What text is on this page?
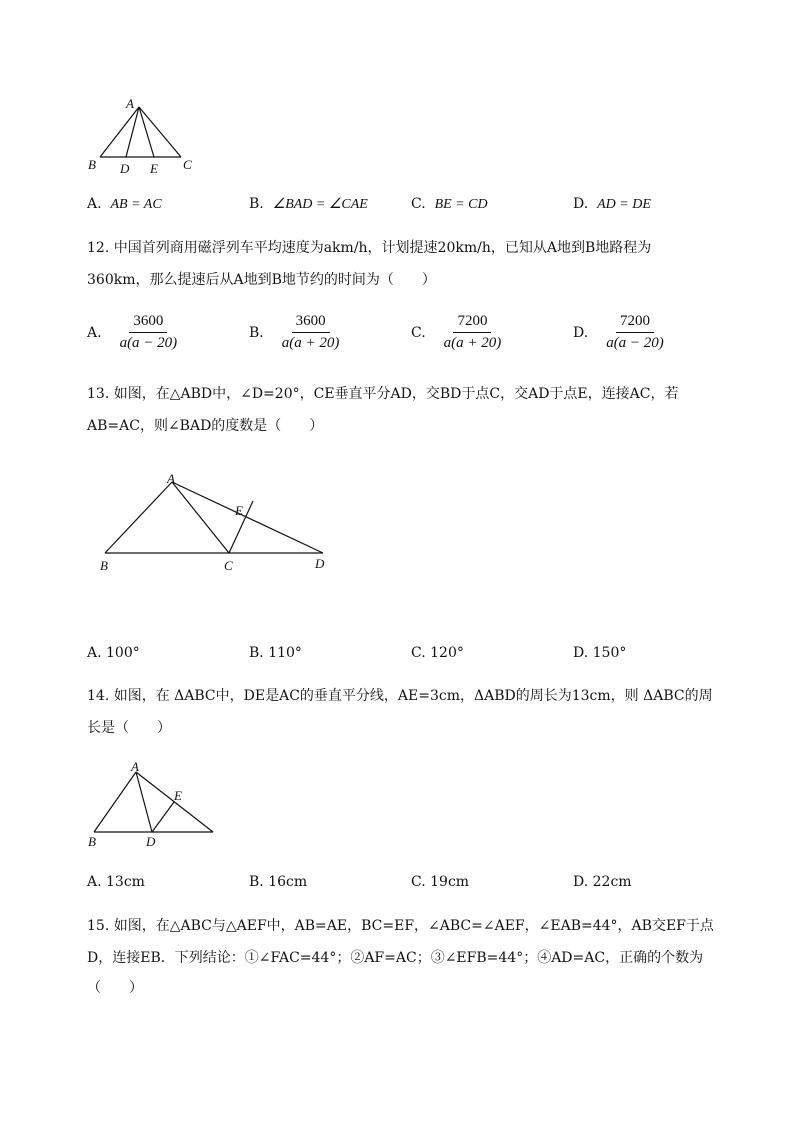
A
B D E C
A. AB = AC	B. ∠BAD = ∠CAE	C. BE = CD	D. AD = DE
12. 中国首列商用磁浮列车平均速度为akm/h，计划提速20km/h，已知从A地到B地路程为
360km，那么提速后从A地到B地节约的时间为（　　）
A. $\frac{3600}{a(a - 20)}$	B. $\frac{3600}{a(a + 20)}$	C. $\frac{7200}{a(a + 20)}$	D. $\frac{7200}{a(a - 20)}$
13. 如图，在△ABD中，∠D=20°，CE垂直平分AD，交BD于点C，交AD于点E，连接AC，若
AB=AC，则∠BAD的度数是（　　）
A
E
B	C	D
A. 100°	B. 110°	C. 120°	D. 150°
14. 如图，在 ΔABC中，DE是AC的垂直平分线，AE=3cm，ΔABD的周长为13cm，则 ΔABC的周
长是（　　）
A
E
B	D
A. 13cm	B. 16cm	C. 19cm	D. 22cm
15. 如图，在△ABC与△AEF中，AB=AE，BC=EF，∠ABC=∠AEF，∠EAB=44°，AB交EF于点
D，连接EB．下列结论：①∠FAC=44°；②AF=AC；③∠EFB=44°；④AD=AC，正确的个数为
（　　）
